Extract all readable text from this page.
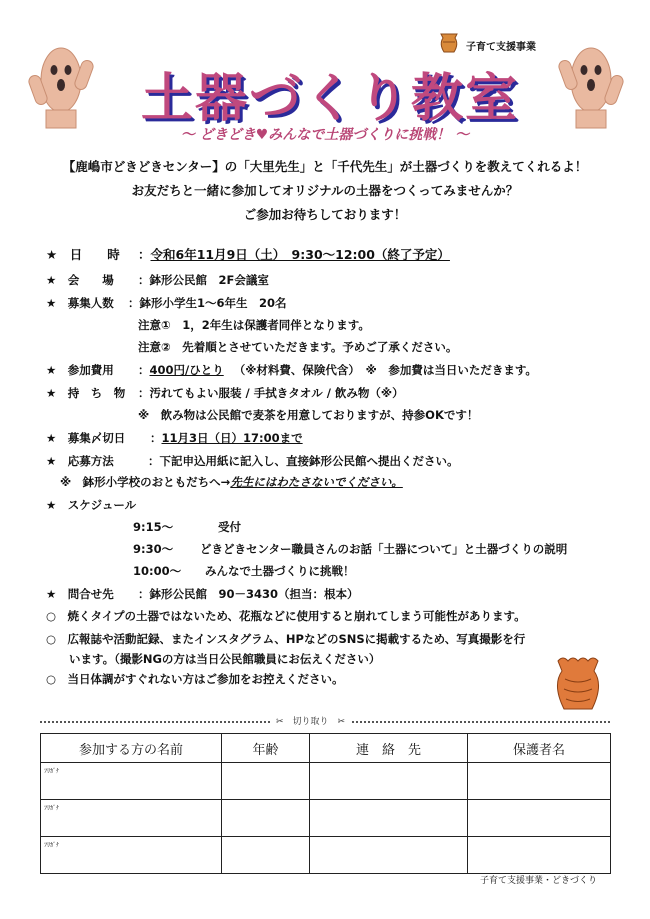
子育て支援事業
土器づくり教室
～ どきどき♥みんなで土器づくりに挑戦！ ～
【鹿嶋市どきどきセンター】の「大里先生」と「千代先生」が土器づくりを教えてくれるよ！
お友だちと一緒に参加してオリジナルの土器をつくってみませんか？
ご参加お待ちしております！
★　日　　時 ：令和6年11月9日（土）　9:30～12:00（終了予定）
★　会　　場 ：鉢形公民館　2F会議室
★　募集人数 ：鉢形小学生1～6年生　20名
注意①　1，2年生は保護者同伴となります。
注意②　先着順とさせていただきます。予めご了承ください。
★　参加費用 ：400円/ひとり （※材料費、保険代含）　※　参加費は当日いただきます。
★　持　ち　物 ：汚れてもよい服装 / 手拭きタオル / 飲み物（※）
※　飲み物は公民館で麦茶を用意しておりますが、持参OKです！
★　募集〆切日 ：11月3日（日）17:00まで
★　応募方法	：下記申込用紙に記入し、直接鉢形公民館へ提出ください。
※　鉢形小学校のおともだちへ→先生にはわたさないでください。
★　スケジュール
9:15～	受付
9:30～ どきどきセンター職員さんのお話「土器について」と土器づくりの説明
10:00～ みんなで土器づくりに挑戦！
★　問合せ先 ：鉢形公民館　90－3430（担当：根本）
○　焼くタイプの土器ではないため、花瓶などに使用すると崩れてしまう可能性があります。
○　広報誌や活動記録、またインスタグラム、HPなどのSNSに掲載するため、写真撮影を行
　　います。（撮影NGの方は当日公民館職員にお伝えください）
○　当日体調がすぐれない方はご参加をお控えください。
✂　切り取り　✂
参加する方の名前	年齢	連　絡　先	保護者名

ﾌﾘｶﾞﾅ			

ﾌﾘｶﾞﾅ			

ﾌﾘｶﾞﾅ			

子育て支援事業・どきづくり
